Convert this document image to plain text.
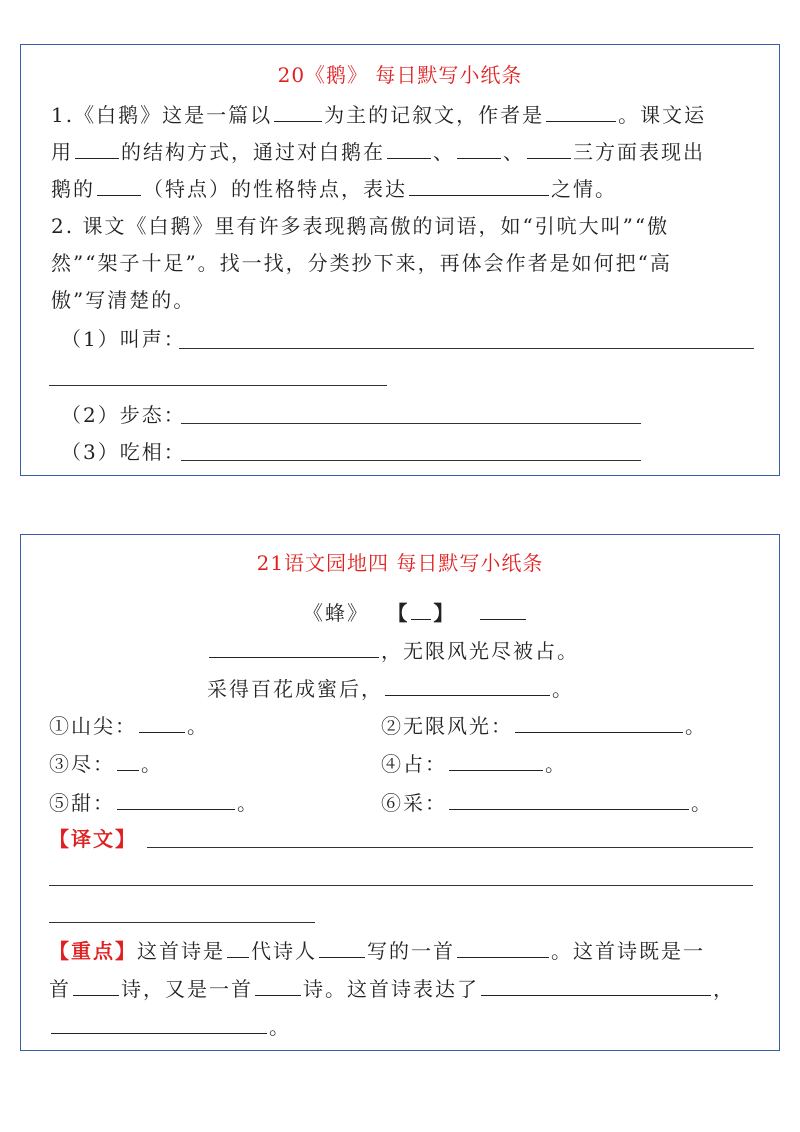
20《鹅》 每日默写小纸条
1.《白鹅》这是一篇以	为主的记叙文，作者是	。课文运
用 的结构方式，通过对白鹅在 、 、 三方面表现出
鹅的 （特点）的性格特点，表达	之情。
2. 课文《白鹅》里有许多表现鹅高傲的词语，如“引吭大叫”“傲
然”“架子十足”。找一找，分类抄下来，再体会作者是如何把“高
傲”写清楚的。
（1）叫声：
（2）步态：
（3）吃相：
21语文园地四 每日默写小纸条
《蜂》 【 】
，无限风光尽被占。
采得百花成蜜后，	。
①山尖：	。	②无限风光：	。
③尽： 。	④占：	。
⑤甜：	。	⑥采：	。
【译文】
【重点】这首诗是 代诗人	写的一首	。这首诗既是一
首	诗，又是一首	诗。这首诗表达了	，
。
